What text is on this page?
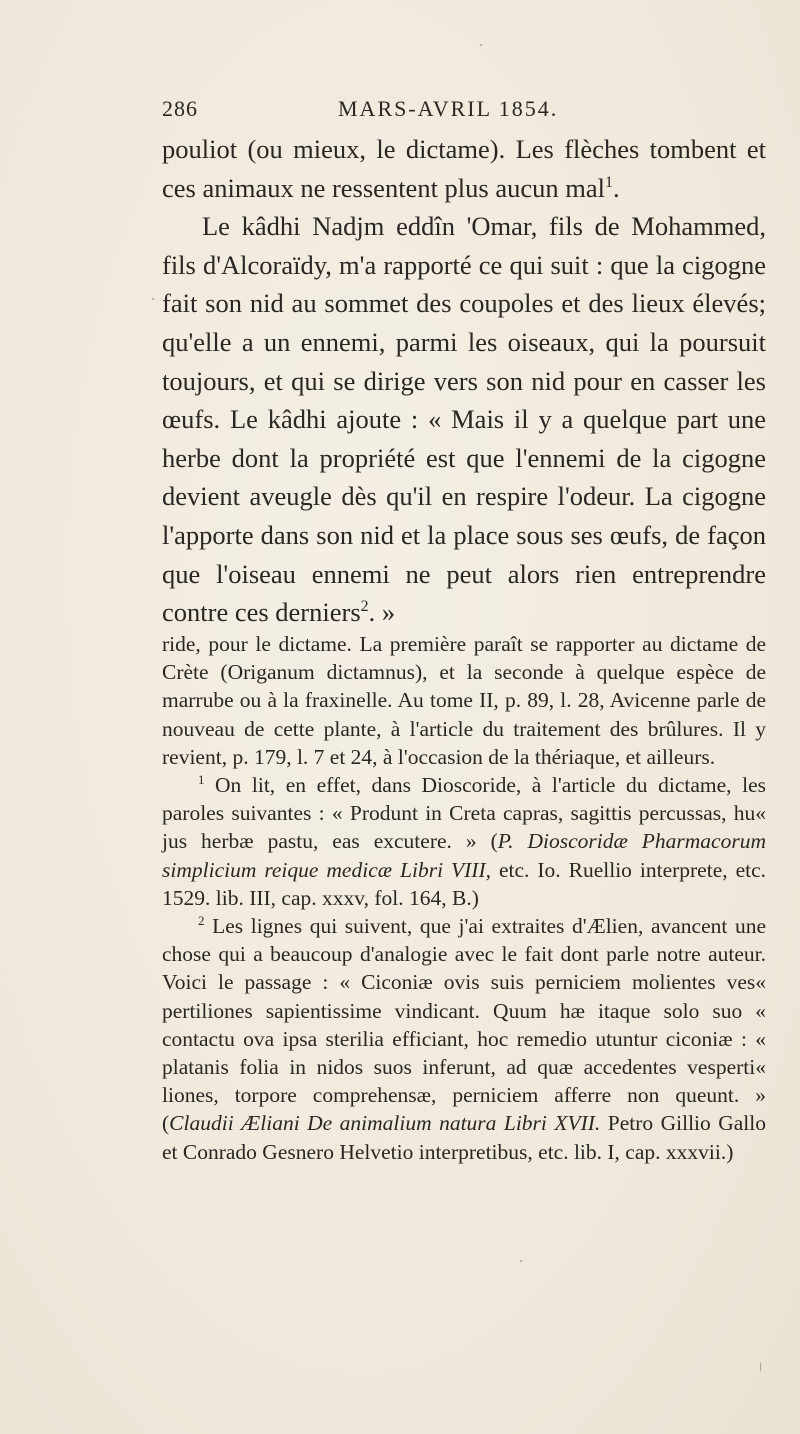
286	MARS-AVRIL 1854.

pouliot (ou mieux, le dictame). Les flèches tombent et ces animaux ne ressentent plus aucun mal$^1$.

Le kâdhi Nadjm eddîn 'Omar, fils de Mohammed, fils d'Alcoraïdy, m'a rapporté ce qui suit : que la cigogne fait son nid au sommet des coupoles et des lieux élevés; qu'elle a un ennemi, parmi les oiseaux, qui la poursuit toujours, et qui se dirige vers son nid pour en casser les œufs. Le kâdhi ajoute : « Mais il y a quelque part une herbe dont la propriété est que l'ennemi de la cigogne devient aveugle dès qu'il en respire l'odeur. La cigogne l'apporte dans son nid et la place sous ses œufs, de façon que l'oiseau ennemi ne peut alors rien entreprendre contre ces derniers$^2$. »

ride, pour le dictame. La première paraît se rapporter au dictame de Crète (Origanum dictamnus), et la seconde à quelque espèce de marrube ou à la fraxinelle. Au tome II, p. 89, l. 28, Avicenne parle de nouveau de cette plante, à l'article du traitement des brûlures. Il y revient, p. 179, l. 7 et 24, à l'occasion de la thériaque, et ailleurs.

$^1$ On lit, en effet, dans Dioscoride, à l'article du dictame, les paroles suivantes : « Produnt in Creta capras, sagittis percussas, hu« jus herbæ pastu, eas excutere. » (P. Dioscoridæ Pharmacorum simplicium reique medicæ Libri VIII, etc. Io. Ruellio interprete, etc. 1529. lib. III, cap. xxxv, fol. 164, B.)

$^2$ Les lignes qui suivent, que j'ai extraites d'Ælien, avancent une chose qui a beaucoup d'analogie avec le fait dont parle notre auteur. Voici le passage : « Ciconiæ ovis suis perniciem molientes ves« pertiliones sapientissime vindicant. Quum hæ itaque solo suo « contactu ova ipsa sterilia efficiant, hoc remedio utuntur ciconiæ : « platanis folia in nidos suos inferunt, ad quæ accedentes vesperti« liones, torpore comprehensæ, perniciem afferre non queunt. » (Claudii Æliani De animalium natura Libri XVII. Petro Gillio Gallo et Conrado Gesnero Helvetio interpretibus, etc. lib. I, cap. xxxvii.)
